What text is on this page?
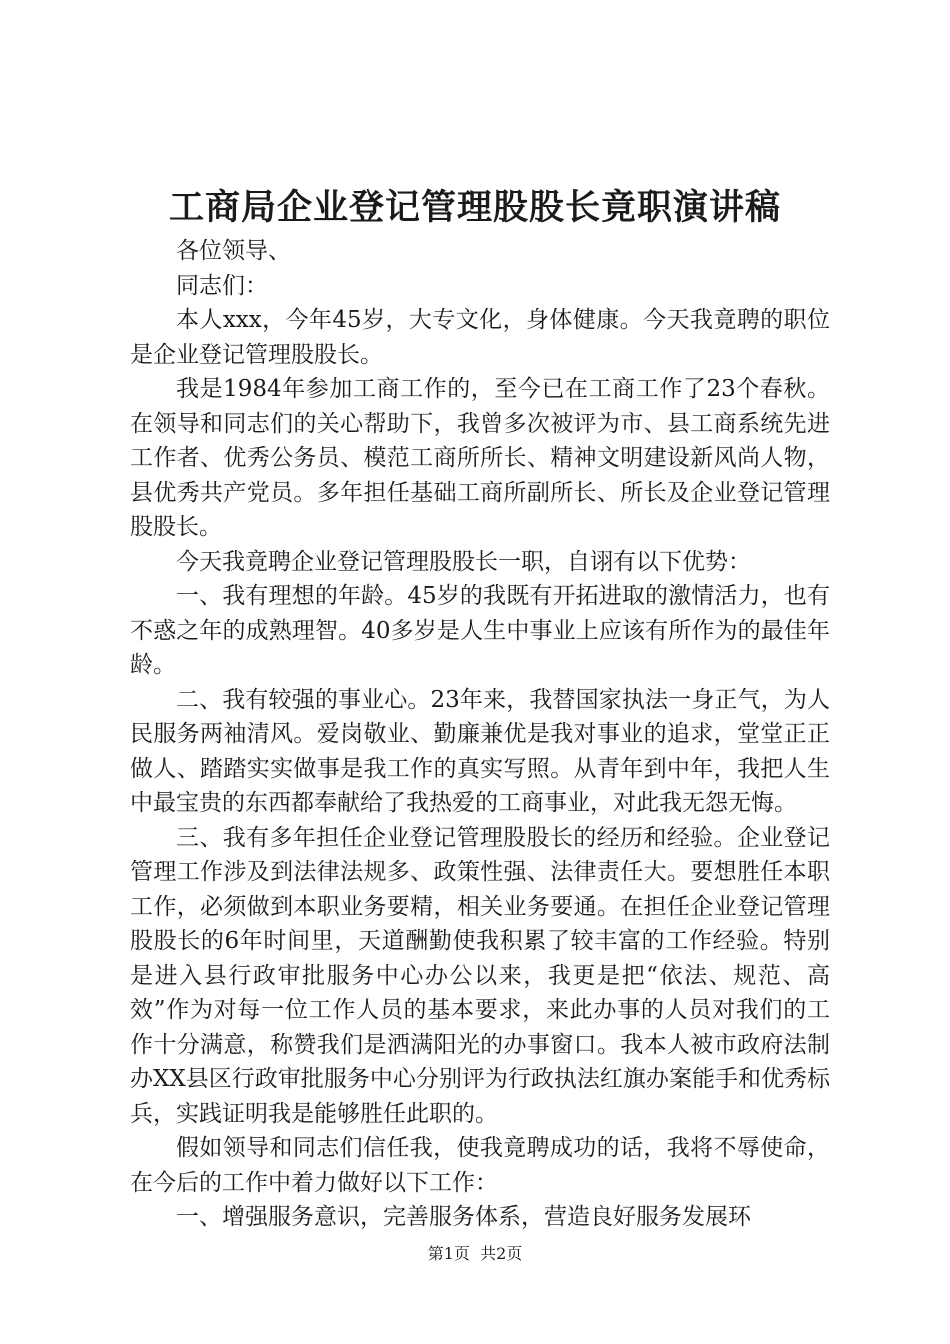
工商局企业登记管理股股长竟职演讲稿

各位领导、

同志们：

本人xxx，今年45岁，大专文化，身体健康。今天我竟聘的职位是企业登记管理股股长。

我是1984年参加工商工作的，至今已在工商工作了23个春秋。在领导和同志们的关心帮助下，我曾多次被评为市、县工商系统先进工作者、优秀公务员、模范工商所所长、精神文明建设新风尚人物，县优秀共产党员。多年担任基础工商所副所长、所长及企业登记管理股股长。

今天我竟聘企业登记管理股股长一职，自诩有以下优势：

一、我有理想的年龄。45岁的我既有开拓进取的激情活力，也有不惑之年的成熟理智。40多岁是人生中事业上应该有所作为的最佳年龄。

二、我有较强的事业心。23年来，我替国家执法一身正气，为人民服务两袖清风。爱岗敬业、勤廉兼优是我对事业的追求，堂堂正正做人、踏踏实实做事是我工作的真实写照。从青年到中年，我把人生中最宝贵的东西都奉献给了我热爱的工商事业，对此我无怨无悔。

三、我有多年担任企业登记管理股股长的经历和经验。企业登记管理工作涉及到法律法规多、政策性强、法律责任大。要想胜任本职工作，必须做到本职业务要精，相关业务要通。在担任企业登记管理股股长的6年时间里，天道酬勤使我积累了较丰富的工作经验。特别是进入县行政审批服务中心办公以来，我更是把“依法、规范、高效”作为对每一位工作人员的基本要求，来此办事的人员对我们的工作十分满意，称赞我们是洒满阳光的办事窗口。我本人被市政府法制办XX县区行政审批服务中心分别评为行政执法红旗办案能手和优秀标兵，实践证明我是能够胜任此职的。

假如领导和同志们信任我，使我竟聘成功的话，我将不辱使命，在今后的工作中着力做好以下工作：

一、增强服务意识，完善服务体系，营造良好服务发展环

第1页 共2页
